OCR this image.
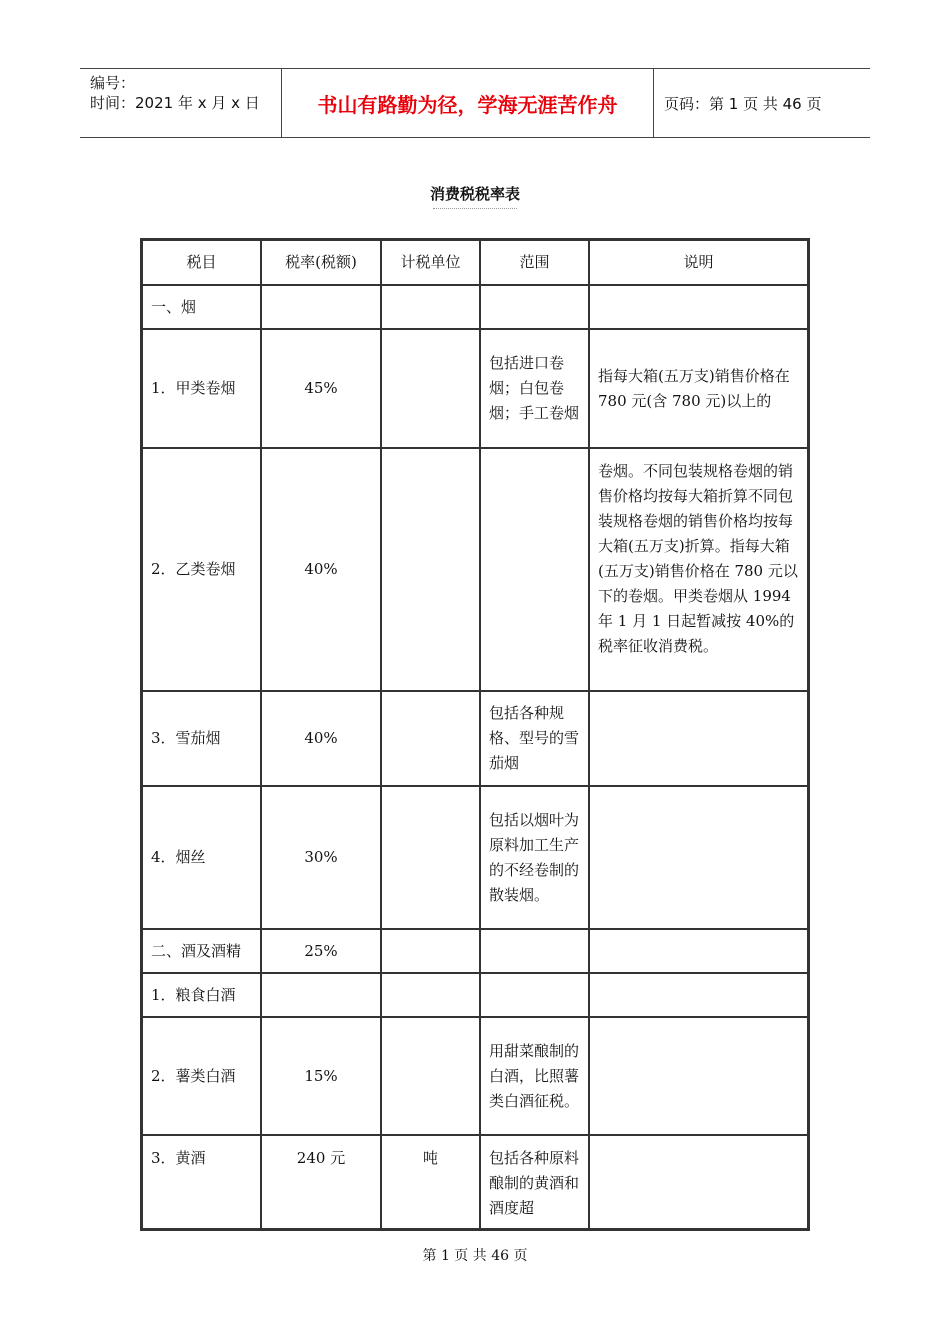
编号：
时间：2021 年 x 月 x 日	书山有路勤为径，学海无涯苦作舟	页码：第 1 页 共 46 页
消费税税率表
税目	税率(税额)	计税单位	范围	说明
一、烟				
1．甲类卷烟	45%		包括进口卷烟；白包卷烟；手工卷烟	指每大箱(五万支)销售价格在 780 元(含 780 元)以上的
2．乙类卷烟	40%			卷烟。不同包装规格卷烟的销售价格均按每大箱折算不同包装规格卷烟的销售价格均按每大箱(五万支)折算。指每大箱(五万支)销售价格在 780 元以下的卷烟。甲类卷烟从 1994 年 1 月 1 日起暂减按 40%的税率征收消费税。
3．雪茄烟	40%		包括各种规格、型号的雪茄烟	
4．烟丝	30%		包括以烟叶为原料加工生产的不经卷制的散装烟。	
二、酒及酒精	25%			
1．粮食白酒				
2．薯类白酒	15%		用甜菜酿制的白酒，比照薯类白酒征税。	
3．黄酒	240 元	吨	包括各种原料酿制的黄酒和酒度超	
第 1 页 共 46 页
